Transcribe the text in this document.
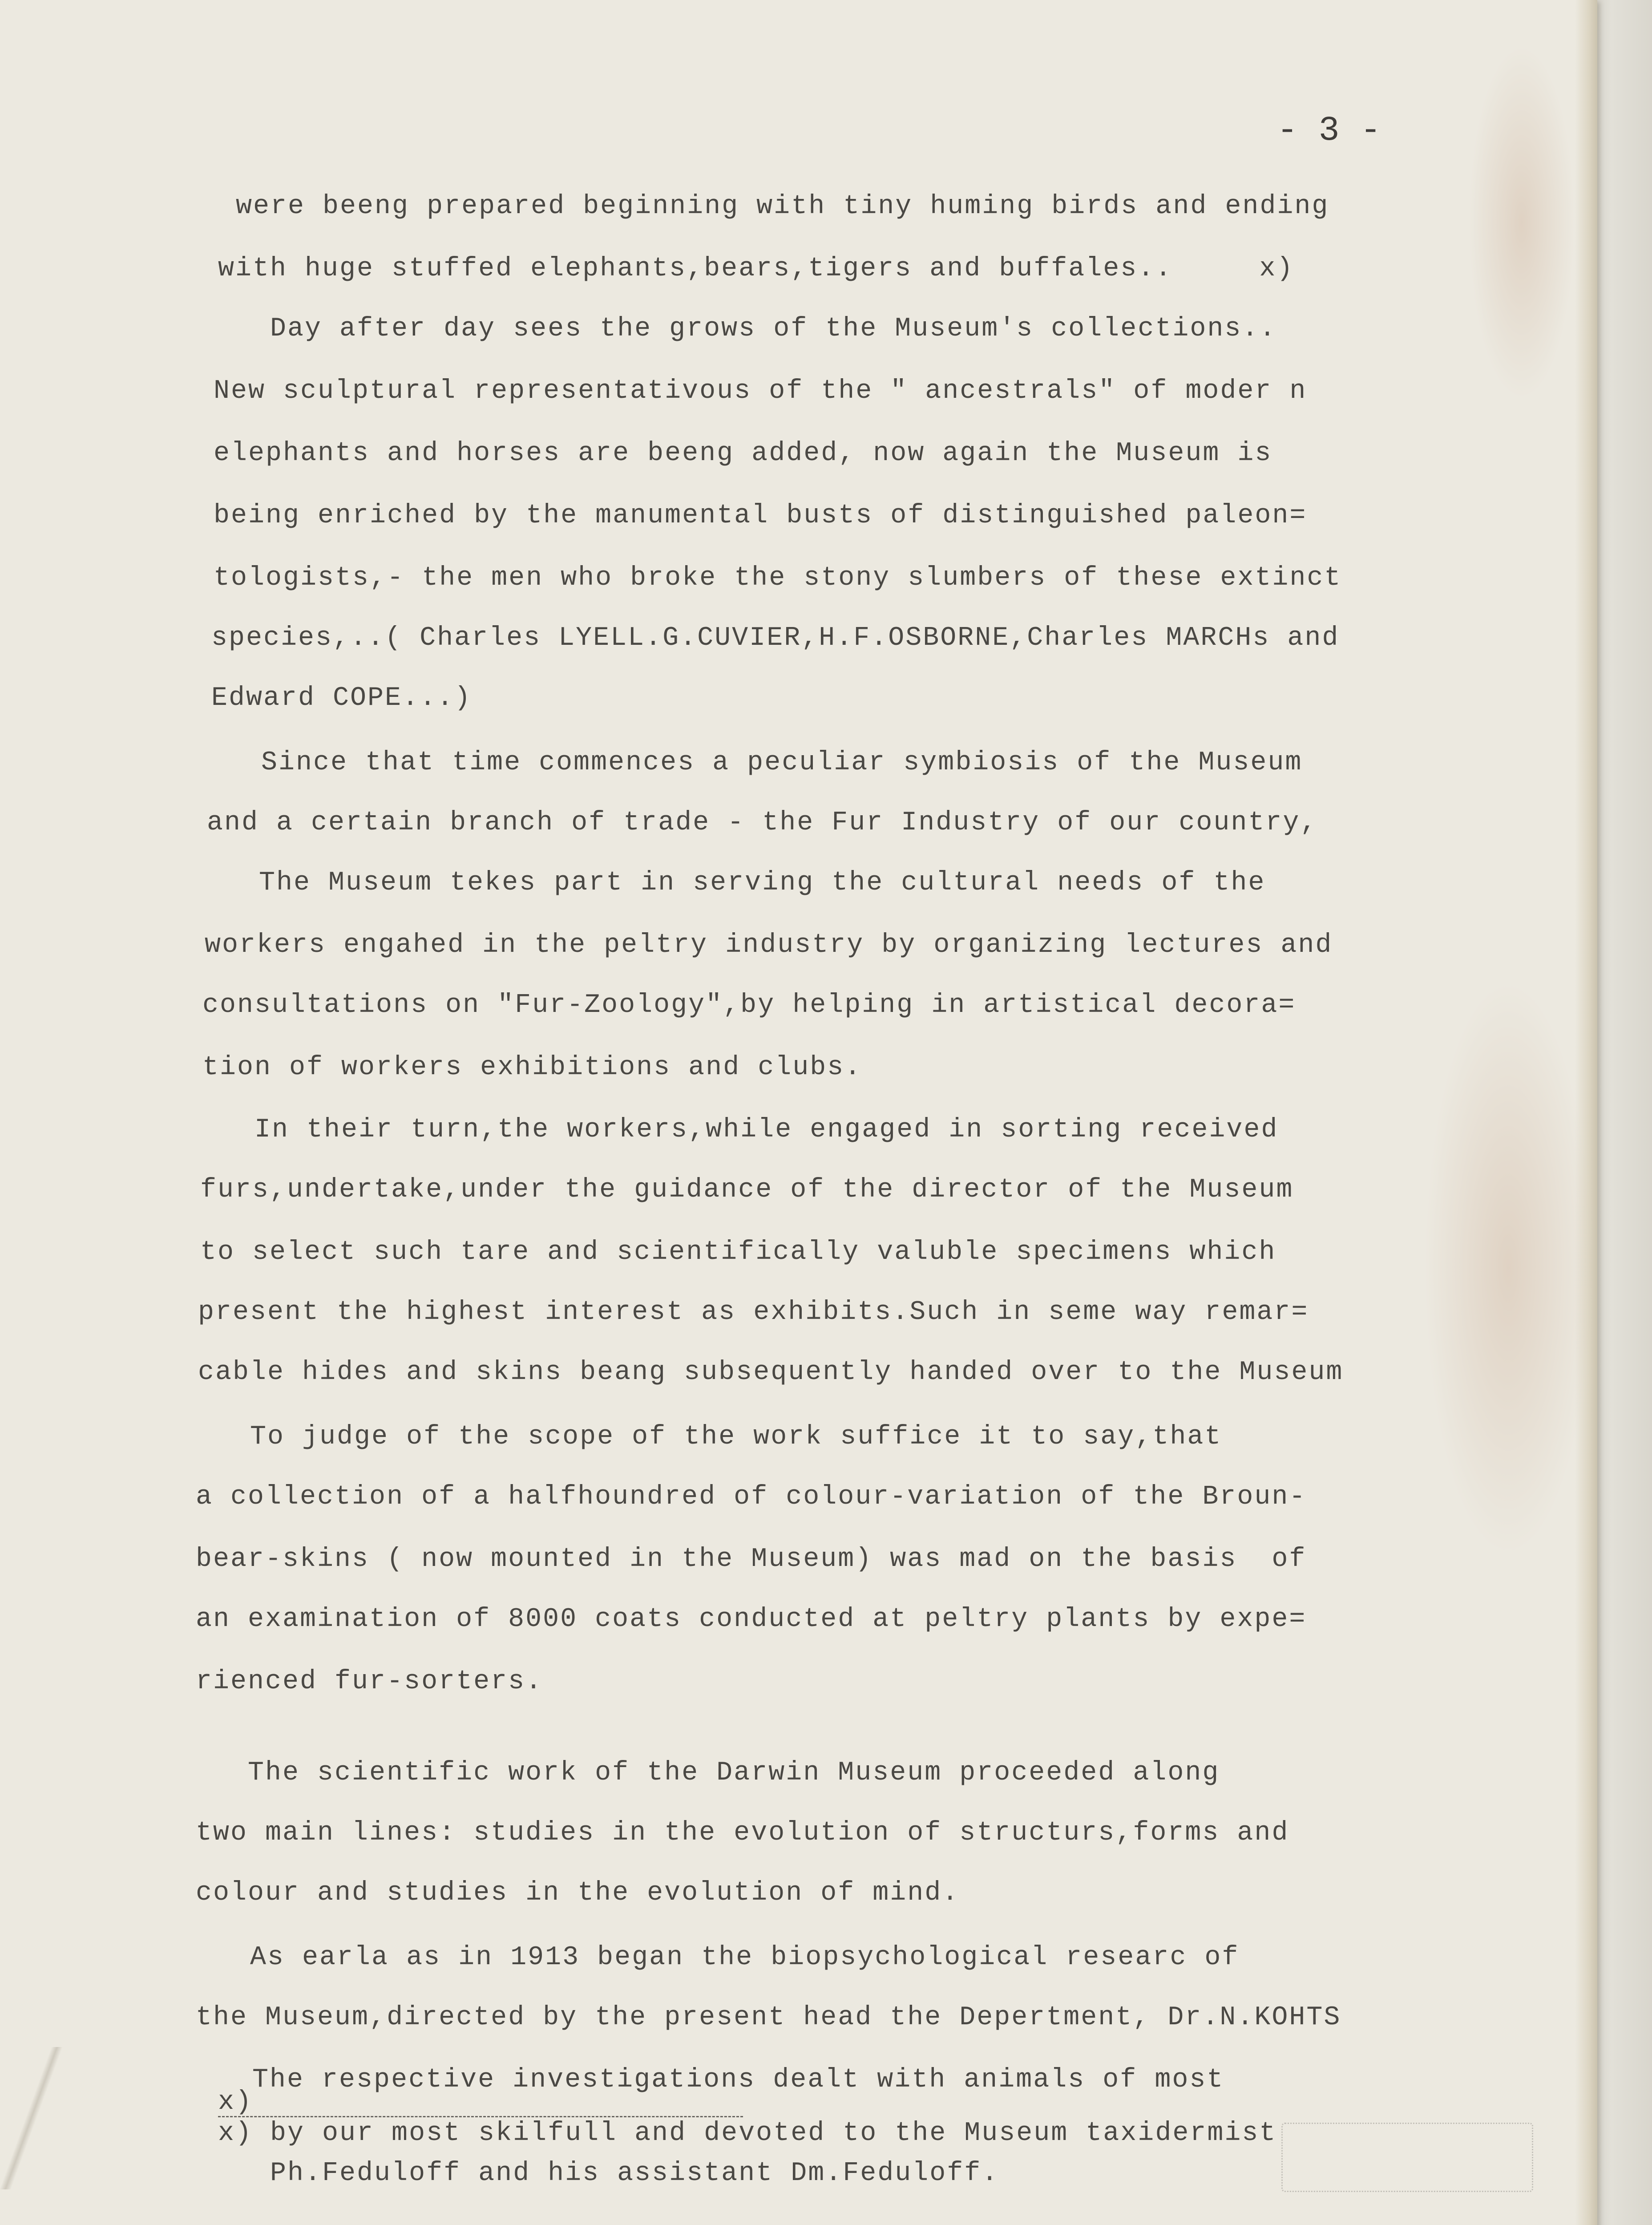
- 3 -
were beeng prepared beginning with tiny huming birds and ending
with huge stuffed elephants,bears,tigers and buffales..     x)
Day after day sees the grows of the Museum's collections..
New sculptural representativous of the " ancestrals" of moder n
elephants and horses are beeng added, now again the Museum is
being enriched by the manumental busts of distinguished paleon=
tologists,- the men who broke the stony slumbers of these extinct
species,..( Charles LYELL.G.CUVIER,H.F.OSBORNE,Charles MARCHs and
Edward COPE...)
Since that time commences a peculiar symbiosis of the Museum
and a certain branch of trade - the Fur Industry of our country,
The Museum tekes part in serving the cultural needs of the
workers engahed in the peltry industry by organizing lectures and
consultations on "Fur-Zoology",by helping in artistical decora=
tion of workers exhibitions and clubs.
In their turn,the workers,while engaged in sorting received
furs,undertake,under the guidance of the director of the Museum
to select such tare and scientifically valuble specimens which
present the highest interest as exhibits.Such in seme way remar=
cable hides and skins beang subsequently handed over to the Museum
To judge of the scope of the work suffice it to say,that
a collection of a halfhoundred of colour-variation of the Broun-
bear-skins ( now mounted in the Museum) was mad on the basis  of
an examination of 8000 coats conducted at peltry plants by expe=
rienced fur-sorters.
The scientific work of the Darwin Museum proceeded along
two main lines: studies in the evolution of structurs,forms and
colour and studies in the evolution of mind.
As earla as in 1913 began the biopsychological researc of
the Museum,directed by the present head the Depertment, Dr.N.KOHTS
The respective investigations dealt with animals of most
x)
x) by our most skilfull and devoted to the Museum taxidermist
Ph.Feduloff and his assistant Dm.Feduloff.
